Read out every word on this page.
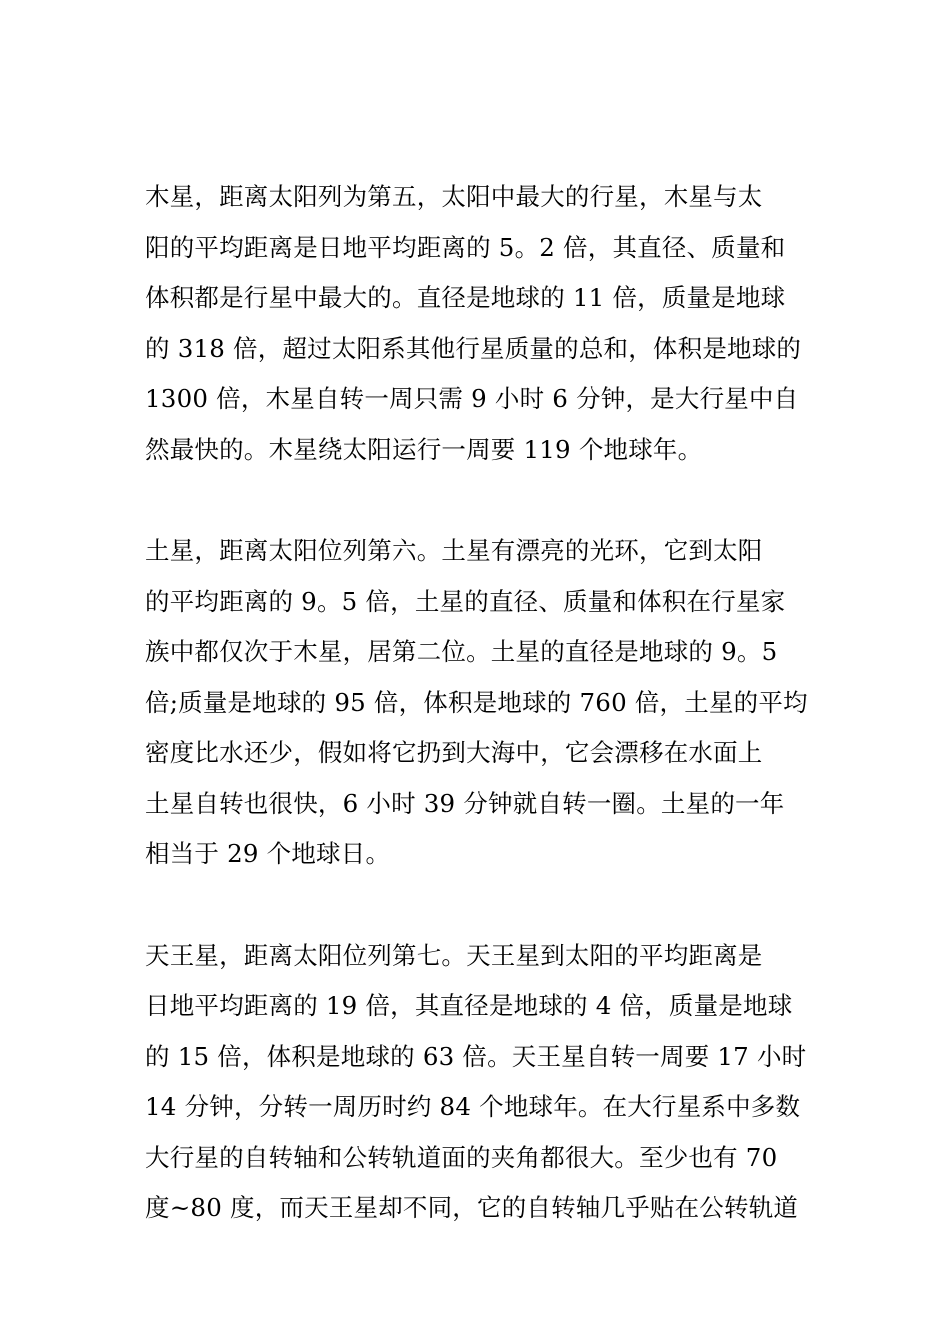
木星，距离太阳列为第五，太阳中最大的行星，木星与太
阳的平均距离是日地平均距离的 5。2 倍，其直径、质量和
体积都是行星中最大的。直径是地球的 11 倍，质量是地球
的 318 倍，超过太阳系其他行星质量的总和，体积是地球的
1300 倍，木星自转一周只需 9 小时 6 分钟，是大行星中自
然最快的。木星绕太阳运行一周要 119 个地球年。

土星，距离太阳位列第六。土星有漂亮的光环，它到太阳
的平均距离的 9。5 倍，土星的直径、质量和体积在行星家
族中都仅次于木星，居第二位。土星的直径是地球的 9。5
倍;质量是地球的 95 倍，体积是地球的 760 倍，土星的平均
密度比水还少，假如将它扔到大海中，它会漂移在水面上
土星自转也很快，6 小时 39 分钟就自转一圈。土星的一年
相当于 29 个地球日。

天王星，距离太阳位列第七。天王星到太阳的平均距离是
日地平均距离的 19 倍，其直径是地球的 4 倍，质量是地球
的 15 倍，体积是地球的 63 倍。天王星自转一周要 17 小时
14 分钟，分转一周历时约 84 个地球年。在大行星系中多数
大行星的自转轴和公转轨道面的夹角都很大。至少也有 70
度~80 度，而天王星却不同，它的自转轴几乎贴在公转轨道
